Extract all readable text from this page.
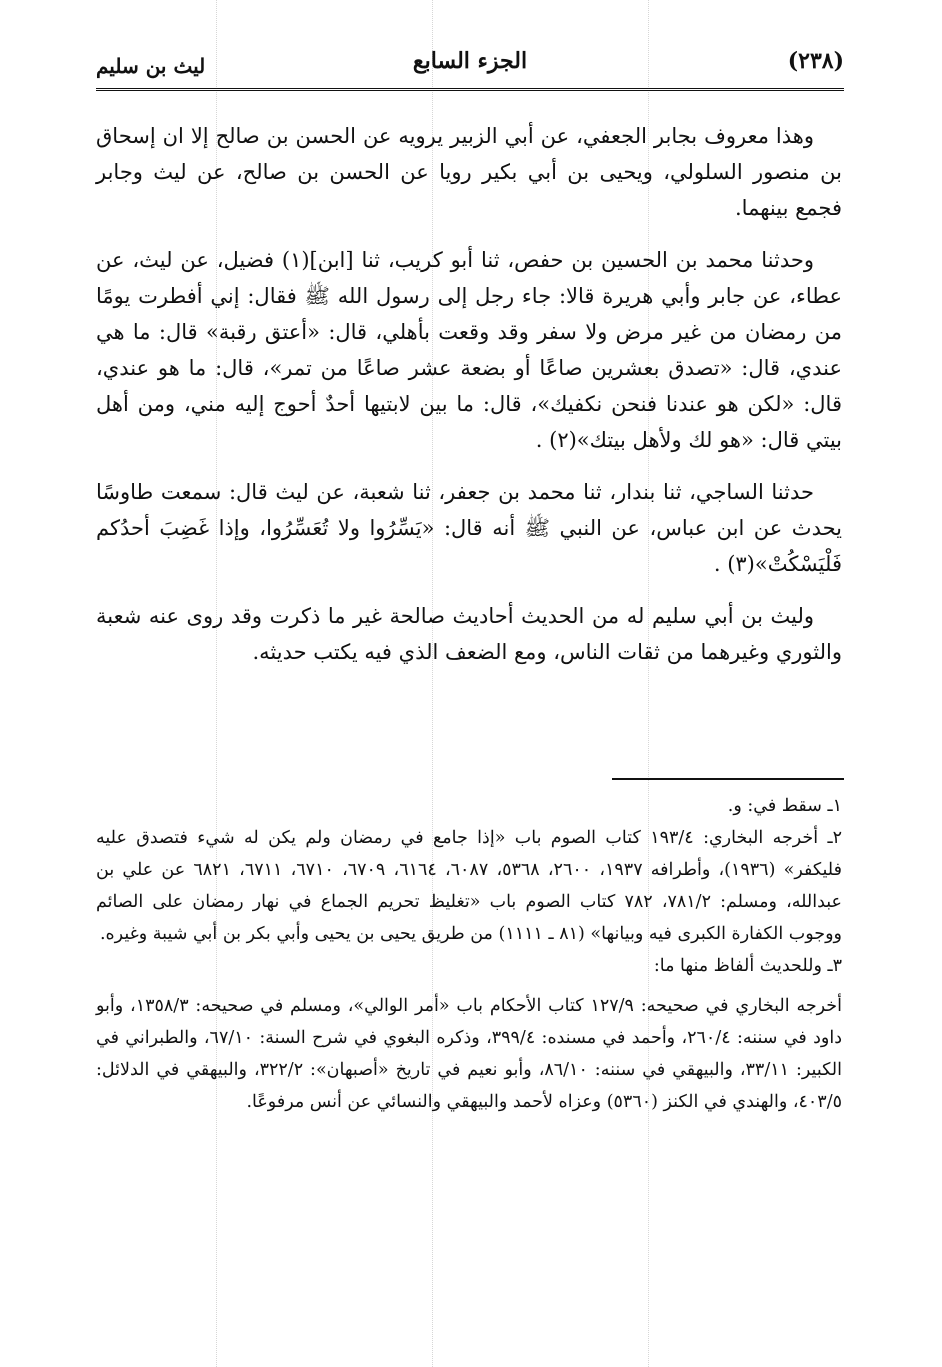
(٢٣٨)
الجزء السابع
ليث بن سليم

وهذا معروف بجابر الجعفي، عن أبي الزبير يرويه عن الحسن بن صالح إلا ان إسحاق بن منصور السلولي، ويحيى بن أبي بكير رويا عن الحسن بن صالح، عن ليث وجابر فجمع بينهما.

وحدثنا محمد بن الحسين بن حفص، ثنا أبو كريب، ثنا [ابن](١) فضيل، عن ليث، عن عطاء، عن جابر وأبي هريرة قالا: جاء رجل إلى رسول الله ﷺ فقال: إني أفطرت يومًا من رمضان من غير مرض ولا سفر وقد وقعت بأهلي، قال: «أعتق رقبة» قال: ما هي عندي، قال: «تصدق بعشرين صاعًا أو بضعة عشر صاعًا من تمر»، قال: ما هو عندي، قال: «لكن هو عندنا فنحن نكفيك»، قال: ما بين لابتيها أحدٌ أحوج إليه مني، ومن أهل بيتي قال: «هو لك ولأهل بيتك»(٢) .

حدثنا الساجي، ثنا بندار، ثنا محمد بن جعفر، ثنا شعبة، عن ليث قال: سمعت طاوسًا يحدث عن ابن عباس، عن النبي ﷺ أنه قال: «يَسِّرُوا ولا تُعَسِّرُوا، وإذا غَضِبَ أحدُكم فَلْيَسْكُتْ»(٣) .

وليث بن أبي سليم له من الحديث أحاديث صالحة غير ما ذكرت وقد روى عنه شعبة والثوري وغيرهما من ثقات الناس، ومع الضعف الذي فيه يكتب حديثه.

١ـ سقط في: و.

٢ـ أخرجه البخاري: ١٩٣/٤ كتاب الصوم باب «إذا جامع في رمضان ولم يكن له شيء فتصدق عليه فليكفر» (١٩٣٦)، وأطرافه ١٩٣٧، ٢٦٠٠، ٥٣٦٨، ٦٠٨٧، ٦١٦٤، ٦٧٠٩، ٦٧١٠، ٦٧١١، ٦٨٢١ عن علي بن عبدالله، ومسلم: ٧٨١/٢، ٧٨٢ كتاب الصوم باب «تغليظ تحريم الجماع في نهار رمضان على الصائم ووجوب الكفارة الكبرى فيه وبيانها» (٨١ ـ ١١١١) من طريق يحيى بن يحيى وأبي بكر بن أبي شيبة وغيره.

٣ـ وللحديث ألفاظ منها ما:

أخرجه البخاري في صحيحه: ١٢٧/٩ كتاب الأحكام باب «أمر الوالي»، ومسلم في صحيحه: ١٣٥٨/٣، وأبو داود في سننه: ٢٦٠/٤، وأحمد في مسنده: ٣٩٩/٤، وذكره البغوي في شرح السنة: ٦٧/١٠، والطبراني في الكبير: ٣٣/١١، والبيهقي في سننه: ٨٦/١٠، وأبو نعيم في تاريخ «أصبهان»: ٣٢٢/٢، والبيهقي في الدلائل: ٤٠٣/٥، والهندي في الكنز (٥٣٦٠) وعزاه لأحمد والبيهقي والنسائي عن أنس مرفوعًا.
